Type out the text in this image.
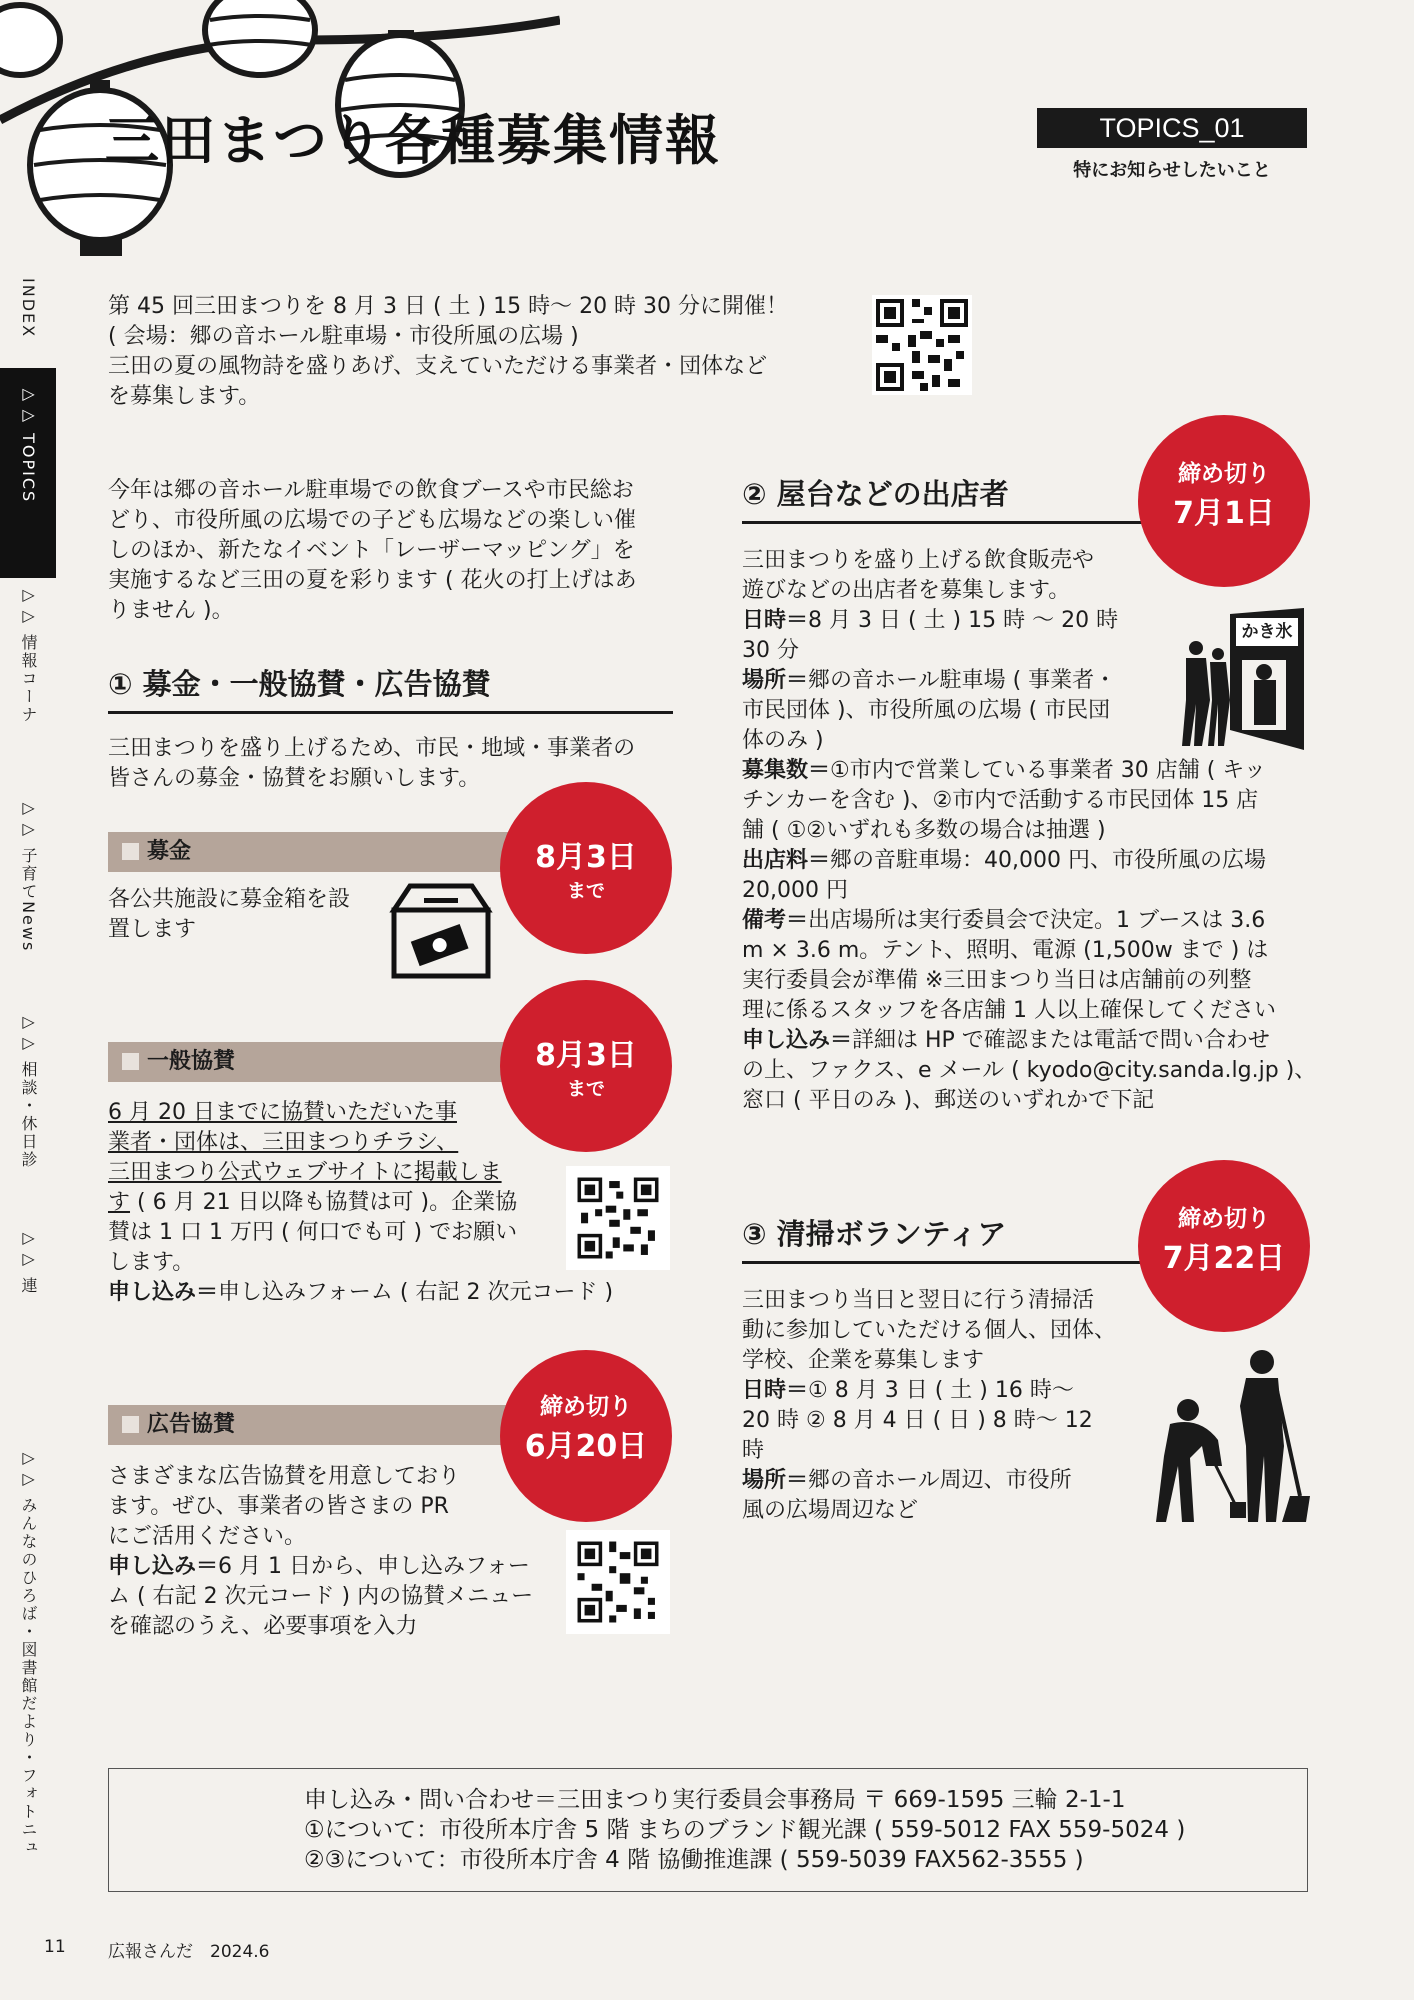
三田まつり各種募集情報	TOPICS_01
特にお知らせしたいこと
INDEX
▷▷ TOPICS
▷▷ 情報コーナ
▷▷ 子育てNews
▷▷ 相談・休日診
▷▷ 連
▷▷ みんなのひろば・図書館だより・フォトニュ
第 45 回三田まつりを 8 月 3 日 ( 土 ) 15 時～ 20 時 30 分に開催！
( 会場：郷の音ホール駐車場・市役所風の広場 )
三田の夏の風物詩を盛りあげ、支えていただける事業者・団体など
を募集します。
今年は郷の音ホール駐車場での飲食ブースや市民総お
どり、市役所風の広場での子ども広場などの楽しい催
しのほか、新たなイベント「レーザーマッピング」を
実施するなど三田の夏を彩ります ( 花火の打上げはあ
りません )。
① 募金・一般協賛・広告協賛
三田まつりを盛り上げるため、市民・地域・事業者の
皆さんの募金・協賛をお願いします。
募金	8月3日
まで
各公共施設に募金箱を設
置します
一般協賛	8月3日
まで
6 月 20 日までに協賛いただいた事
業者・団体は、三田まつりチラシ、
三田まつり公式ウェブサイトに掲載しま
す ( 6 月 21 日以降も協賛は可 )。企業協
賛は 1 口 1 万円 ( 何口でも可 ) でお願い
します。
申し込み＝申し込みフォーム ( 右記 2 次元コード )
広告協賛
締め切り
6月20日
さまざまな広告協賛を用意しており
ます。ぜひ、事業者の皆さまの PR
にご活用ください。
申し込み＝6 月 1 日から、申し込みフォー
ム ( 右記 2 次元コード ) 内の協賛メニュー
を確認のうえ、必要事項を入力
② 屋台などの出店者
締め切り
7月1日
三田まつりを盛り上げる飲食販売や
遊びなどの出店者を募集します。
日時＝8 月 3 日 ( 土 ) 15 時 ～ 20 時
30 分
場所＝郷の音ホール駐車場 ( 事業者・
市民団体 )、市役所風の広場 ( 市民団
体のみ )
募集数＝①市内で営業している事業者 30 店舗 ( キッ
チンカーを含む )、②市内で活動する市民団体 15 店
舗 ( ①②いずれも多数の場合は抽選 )
出店料＝郷の音駐車場：40,000 円、市役所風の広場
20,000 円
備考＝出店場所は実行委員会で決定。1 ブースは 3.6
m × 3.6 m。テント、照明、電源 (1,500w まで ) は
実行委員会が準備 ※三田まつり当日は店舗前の列整
理に係るスタッフを各店舗 1 人以上確保してください
申し込み＝詳細は HP で確認または電話で問い合わせ
の上、ファクス、e メール ( kyodo@city.sanda.lg.jp )、
窓口 ( 平日のみ )、郵送のいずれかで下記
かき氷
③ 清掃ボランティア	締め切り
7月22日
三田まつり当日と翌日に行う清掃活
動に参加していただける個人、団体、
学校、企業を募集します
日時＝① 8 月 3 日 ( 土 ) 16 時～
20 時 ② 8 月 4 日 ( 日 ) 8 時～ 12
時
場所＝郷の音ホール周辺、市役所
風の広場周辺など
申し込み・問い合わせ＝三田まつり実行委員会事務局 〒 669-1595 三輪 2-1-1
①について：市役所本庁舎 5 階 まちのブランド観光課 ( 559-5012 FAX 559-5024 )
②③について：市役所本庁舎 4 階 協働推進課 ( 559-5039 FAX562-3555 )
11 広報さんだ　2024.6
